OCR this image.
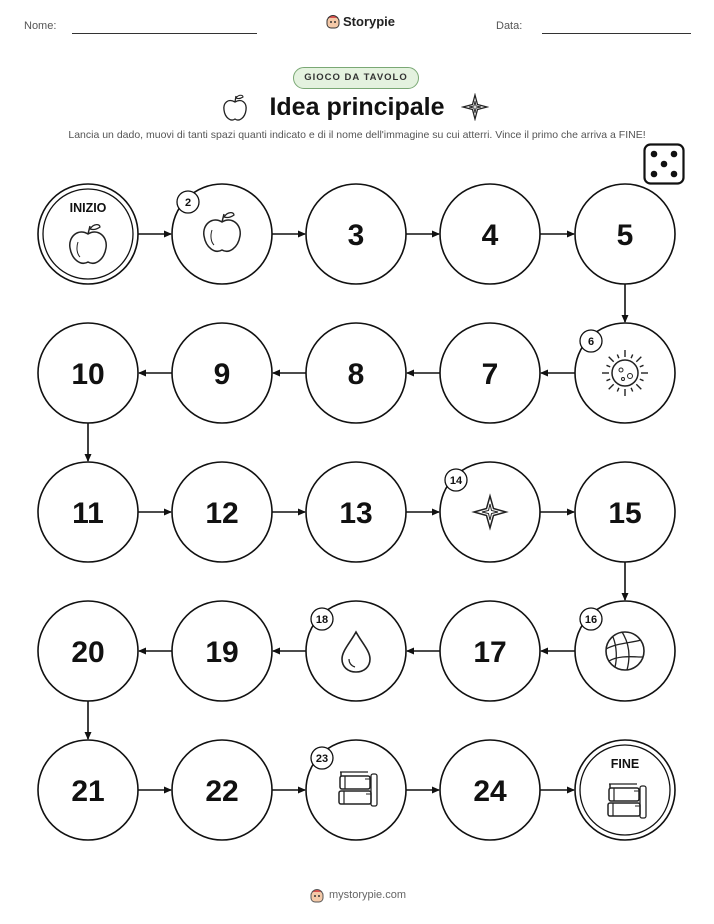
Nome:	Storypie	Data:
GIOCO DA TAVOLO
Idea principale
Lancia un dado, muovi di tanti spazi quanti indicato e di il nome dell'immagine su cui atterri. Vince il primo che arriva a FINE!
INIZIO	2
3	4	5
6
7
8
9
10
11	12	13
14
15
16
17
18
19
20
21	22
23
24
FINE
mystorypie.com
